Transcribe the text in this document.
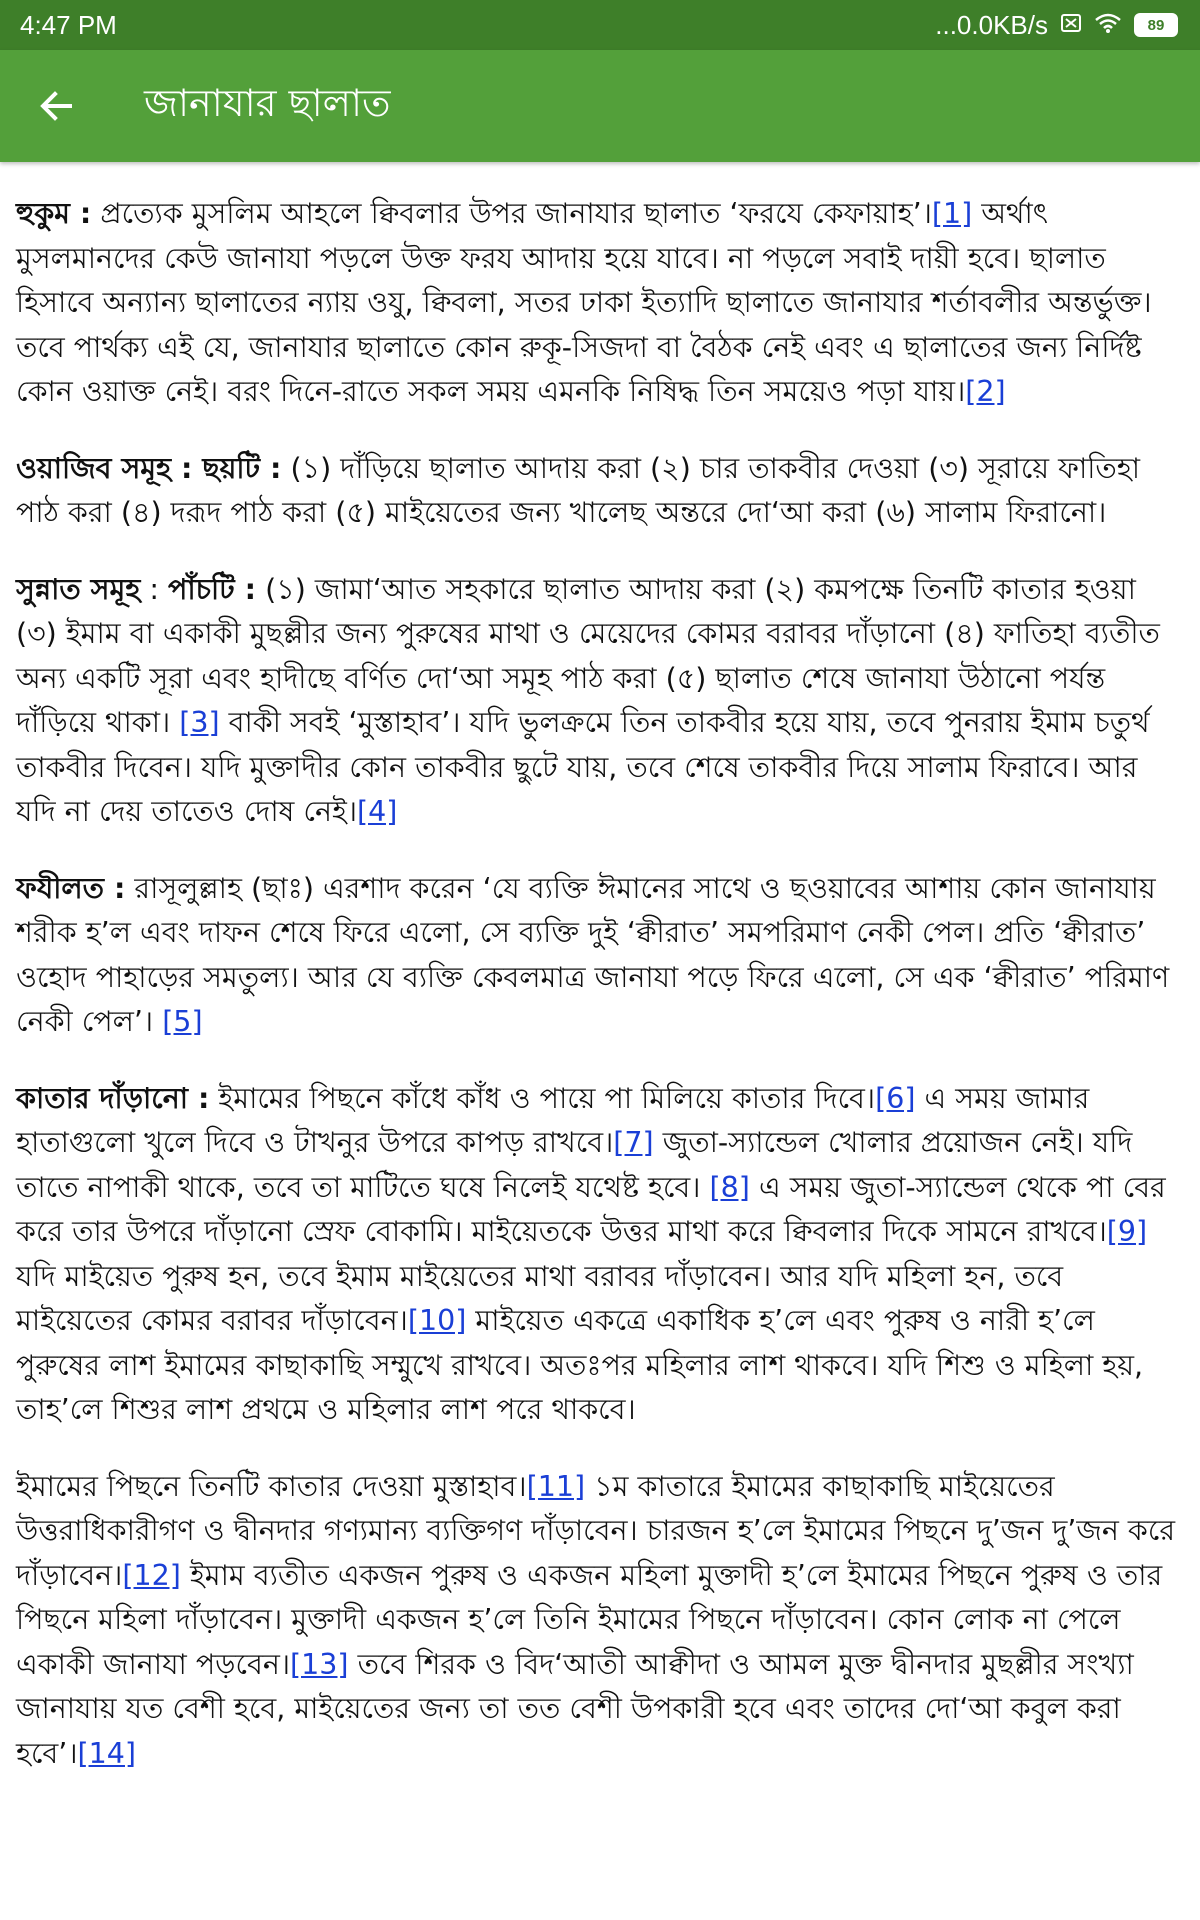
4:47 PM	...0.0KB/s	89
জানাযার ছালাত

হুকুম : প্রত্যেক মুসলিম আহলে ক্বিবলার উপর জানাযার ছালাত ‘ফরযে কেফায়াহ’।[1] অর্থাৎ মুসলমানদের কেউ জানাযা পড়লে উক্ত ফরয আদায় হয়ে যাবে। না পড়লে সবাই দায়ী হবে। ছালাত হিসাবে অন্যান্য ছালাতের ন্যায় ওযু, ক্বিবলা, সতর ঢাকা ইত্যাদি ছালাতে জানাযার শর্তাবলীর অন্তর্ভুক্ত। তবে পার্থক্য এই যে, জানাযার ছালাতে কোন রুকূ-সিজদা বা বৈঠক নেই এবং এ ছালাতের জন্য নির্দিষ্ট কোন ওয়াক্ত নেই। বরং দিনে-রাতে সকল সময় এমনকি নিষিদ্ধ তিন সময়েও পড়া যায়।[2]

ওয়াজিব সমূহ : ছয়টি : (১) দাঁড়িয়ে ছালাত আদায় করা (২) চার তাকবীর দেওয়া (৩) সূরায়ে ফাতিহা পাঠ করা (৪) দরূদ পাঠ করা (৫) মাইয়েতের জন্য খালেছ অন্তরে দো‘আ করা (৬) সালাম ফিরানো।

সুন্নাত সমূহ : পাঁচটি : (১) জামা‘আত সহকারে ছালাত আদায় করা (২) কমপক্ষে তিনটি কাতার হওয়া (৩) ইমাম বা একাকী মুছল্লীর জন্য পুরুষের মাথা ও মেয়েদের কোমর বরাবর দাঁড়ানো (৪) ফাতিহা ব্যতীত অন্য একটি সূরা এবং হাদীছে বর্ণিত দো‘আ সমূহ পাঠ করা (৫) ছালাত শেষে জানাযা উঠানো পর্যন্ত দাঁড়িয়ে থাকা। [3] বাকী সবই ‘মুস্তাহাব’। যদি ভুলক্রমে তিন তাকবীর হয়ে যায়, তবে পুনরায় ইমাম চতুর্থ তাকবীর দিবেন। যদি মুক্তাদীর কোন তাকবীর ছুটে যায়, তবে শেষে তাকবীর দিয়ে সালাম ফিরাবে। আর যদি না দেয় তাতেও দোষ নেই।[4]

ফযীলত : রাসূলুল্লাহ (ছাঃ) এরশাদ করেন ‘যে ব্যক্তি ঈমানের সাথে ও ছওয়াবের আশায় কোন জানাযায় শরীক হ’ল এবং দাফন শেষে ফিরে এলো, সে ব্যক্তি দুই ‘ক্বীরাত’ সমপরিমাণ নেকী পেল। প্রতি ‘ক্বীরাত’ ওহোদ পাহাড়ের সমতুল্য। আর যে ব্যক্তি কেবলমাত্র জানাযা পড়ে ফিরে এলো, সে এক ‘ক্বীরাত’ পরিমাণ নেকী পেল’। [5]

কাতার দাঁড়ানো : ইমামের পিছনে কাঁধে কাঁধ ও পায়ে পা মিলিয়ে কাতার দিবে।[6] এ সময় জামার হাতাগুলো খুলে দিবে ও টাখনুর উপরে কাপড় রাখবে।[7] জুতা-স্যান্ডেল খোলার প্রয়োজন নেই। যদি তাতে নাপাকী থাকে, তবে তা মাটিতে ঘষে নিলেই যথেষ্ট হবে। [8] এ সময় জুতা-স্যান্ডেল থেকে পা বের করে তার উপরে দাঁড়ানো স্রেফ বোকামি। মাইয়েতকে উত্তর মাথা করে ক্বিবলার দিকে সামনে রাখবে।[9] যদি মাইয়েত পুরুষ হন, তবে ইমাম মাইয়েতের মাথা বরাবর দাঁড়াবেন। আর যদি মহিলা হন, তবে মাইয়েতের কোমর বরাবর দাঁড়াবেন।[10] মাইয়েত একত্রে একাধিক হ’লে এবং পুরুষ ও নারী হ’লে পুরুষের লাশ ইমামের কাছাকাছি সম্মুখে রাখবে। অতঃপর মহিলার লাশ থাকবে। যদি শিশু ও মহিলা হয়, তাহ’লে শিশুর লাশ প্রথমে ও মহিলার লাশ পরে থাকবে।

ইমামের পিছনে তিনটি কাতার দেওয়া মুস্তাহাব।[11] ১ম কাতারে ইমামের কাছাকাছি মাইয়েতের উত্তরাধিকারীগণ ও দ্বীনদার গণ্যমান্য ব্যক্তিগণ দাঁড়াবেন। চারজন হ’লে ইমামের পিছনে দু’জন দু’জন করে দাঁড়াবেন।[12] ইমাম ব্যতীত একজন পুরুষ ও একজন মহিলা মুক্তাদী হ’লে ইমামের পিছনে পুরুষ ও তার পিছনে মহিলা দাঁড়াবেন। মুক্তাদী একজন হ’লে তিনি ইমামের পিছনে দাঁড়াবেন। কোন লোক না পেলে একাকী জানাযা পড়বেন।[13] তবে শিরক ও বিদ‘আতী আক্বীদা ও আমল মুক্ত দ্বীনদার মুছল্লীর সংখ্যা জানাযায় যত বেশী হবে, মাইয়েতের জন্য তা তত বেশী উপকারী হবে এবং তাদের দো‘আ কবুল করা হবে’।[14]
